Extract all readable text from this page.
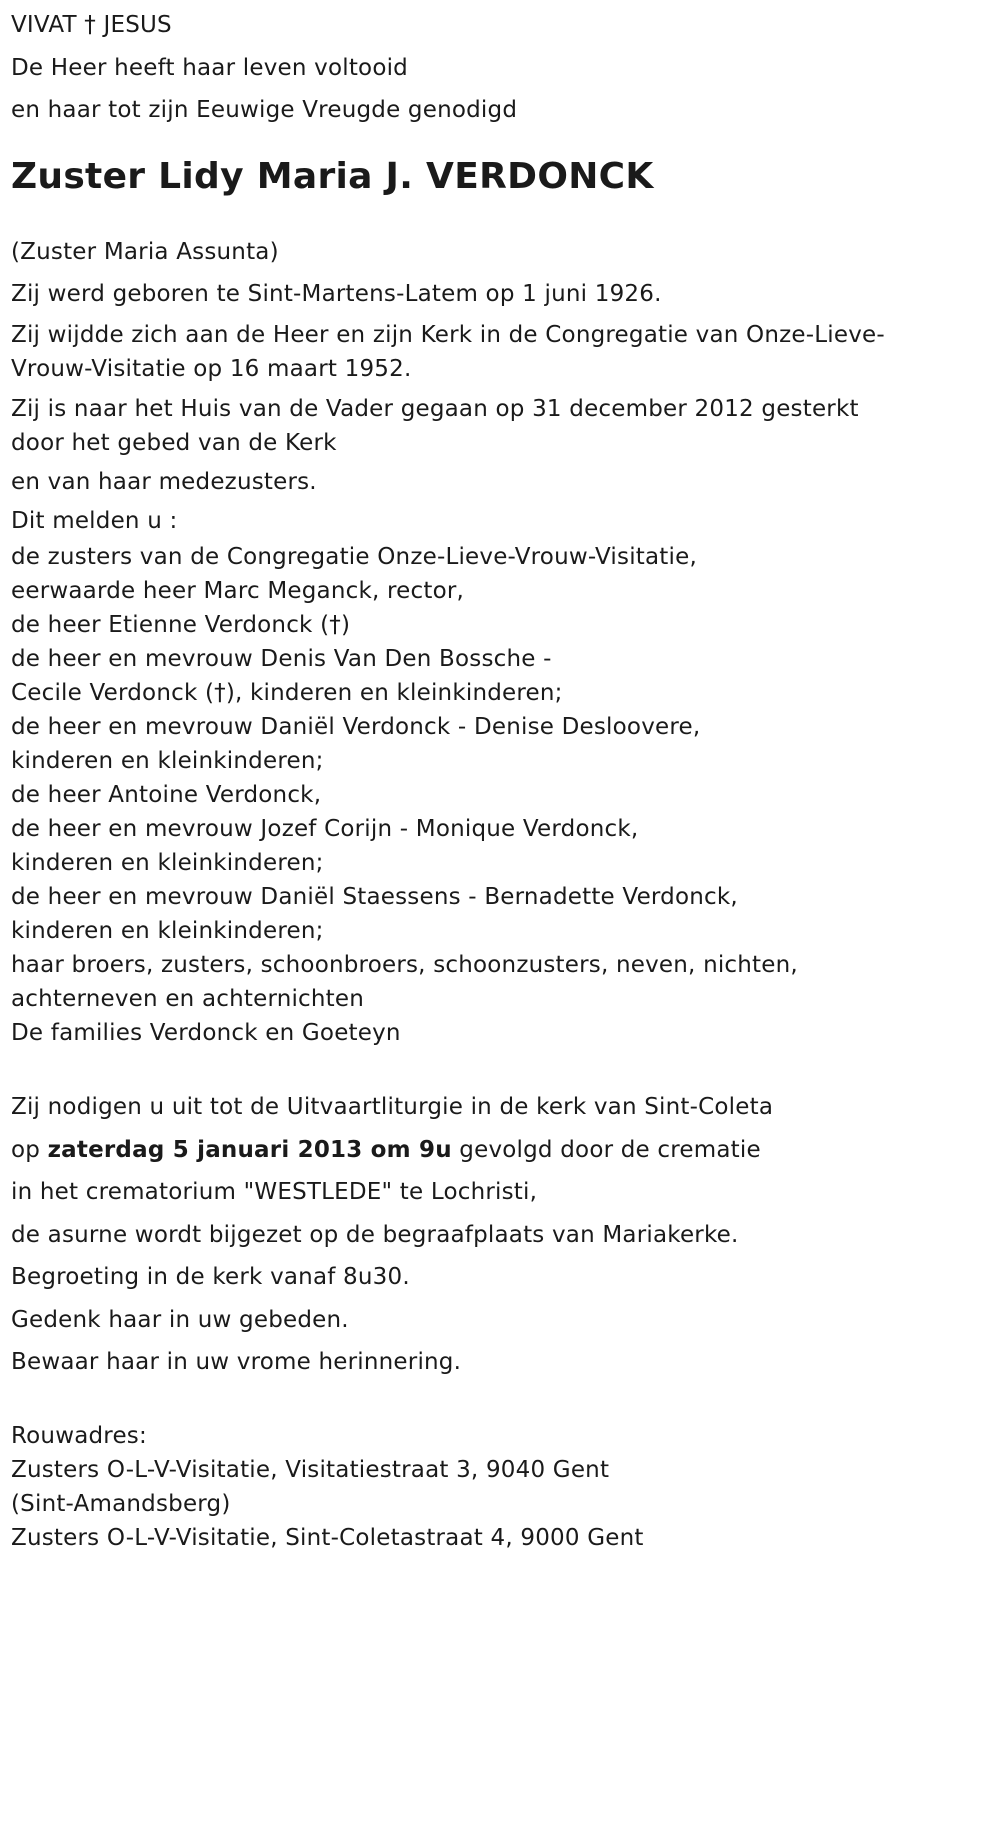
VIVAT † JESUS

De Heer heeft haar leven voltooid

en haar tot zijn Eeuwige Vreugde genodigd

Zuster Lidy Maria J. VERDONCK

(Zuster Maria Assunta)

Zij werd geboren te Sint-Martens-Latem op 1 juni 1926.

Zij wijdde zich aan de Heer en zijn Kerk in de Congregatie van Onze-Lieve-

Vrouw-Visitatie op 16 maart 1952.

Zij is naar het Huis van de Vader gegaan op 31 december 2012 gesterkt

door het gebed van de Kerk

en van haar medezusters.

Dit melden u :

de zusters van de Congregatie Onze-Lieve-Vrouw-Visitatie,

eerwaarde heer Marc Meganck, rector,

de heer Etienne Verdonck (†)

de heer en mevrouw Denis Van Den Bossche -

Cecile Verdonck (†), kinderen en kleinkinderen;

de heer en mevrouw Daniël Verdonck - Denise Desloovere,

kinderen en kleinkinderen;

de heer Antoine Verdonck,

de heer en mevrouw Jozef Corijn - Monique Verdonck,

kinderen en kleinkinderen;

de heer en mevrouw Daniël Staessens - Bernadette Verdonck,

kinderen en kleinkinderen;

haar broers, zusters, schoonbroers, schoonzusters, neven, nichten,

achterneven en achternichten

De families Verdonck en Goeteyn

Zij nodigen u uit tot de Uitvaartliturgie in de kerk van Sint-Coleta

op zaterdag 5 januari 2013 om 9u gevolgd door de crematie

in het crematorium "WESTLEDE" te Lochristi,

de asurne wordt bijgezet op de begraafplaats van Mariakerke.

Begroeting in de kerk vanaf 8u30.

Gedenk haar in uw gebeden.

Bewaar haar in uw vrome herinnering.

Rouwadres:

Zusters O-L-V-Visitatie, Visitatiestraat 3, 9040 Gent

(Sint-Amandsberg)

Zusters O-L-V-Visitatie, Sint-Coletastraat 4, 9000 Gent
